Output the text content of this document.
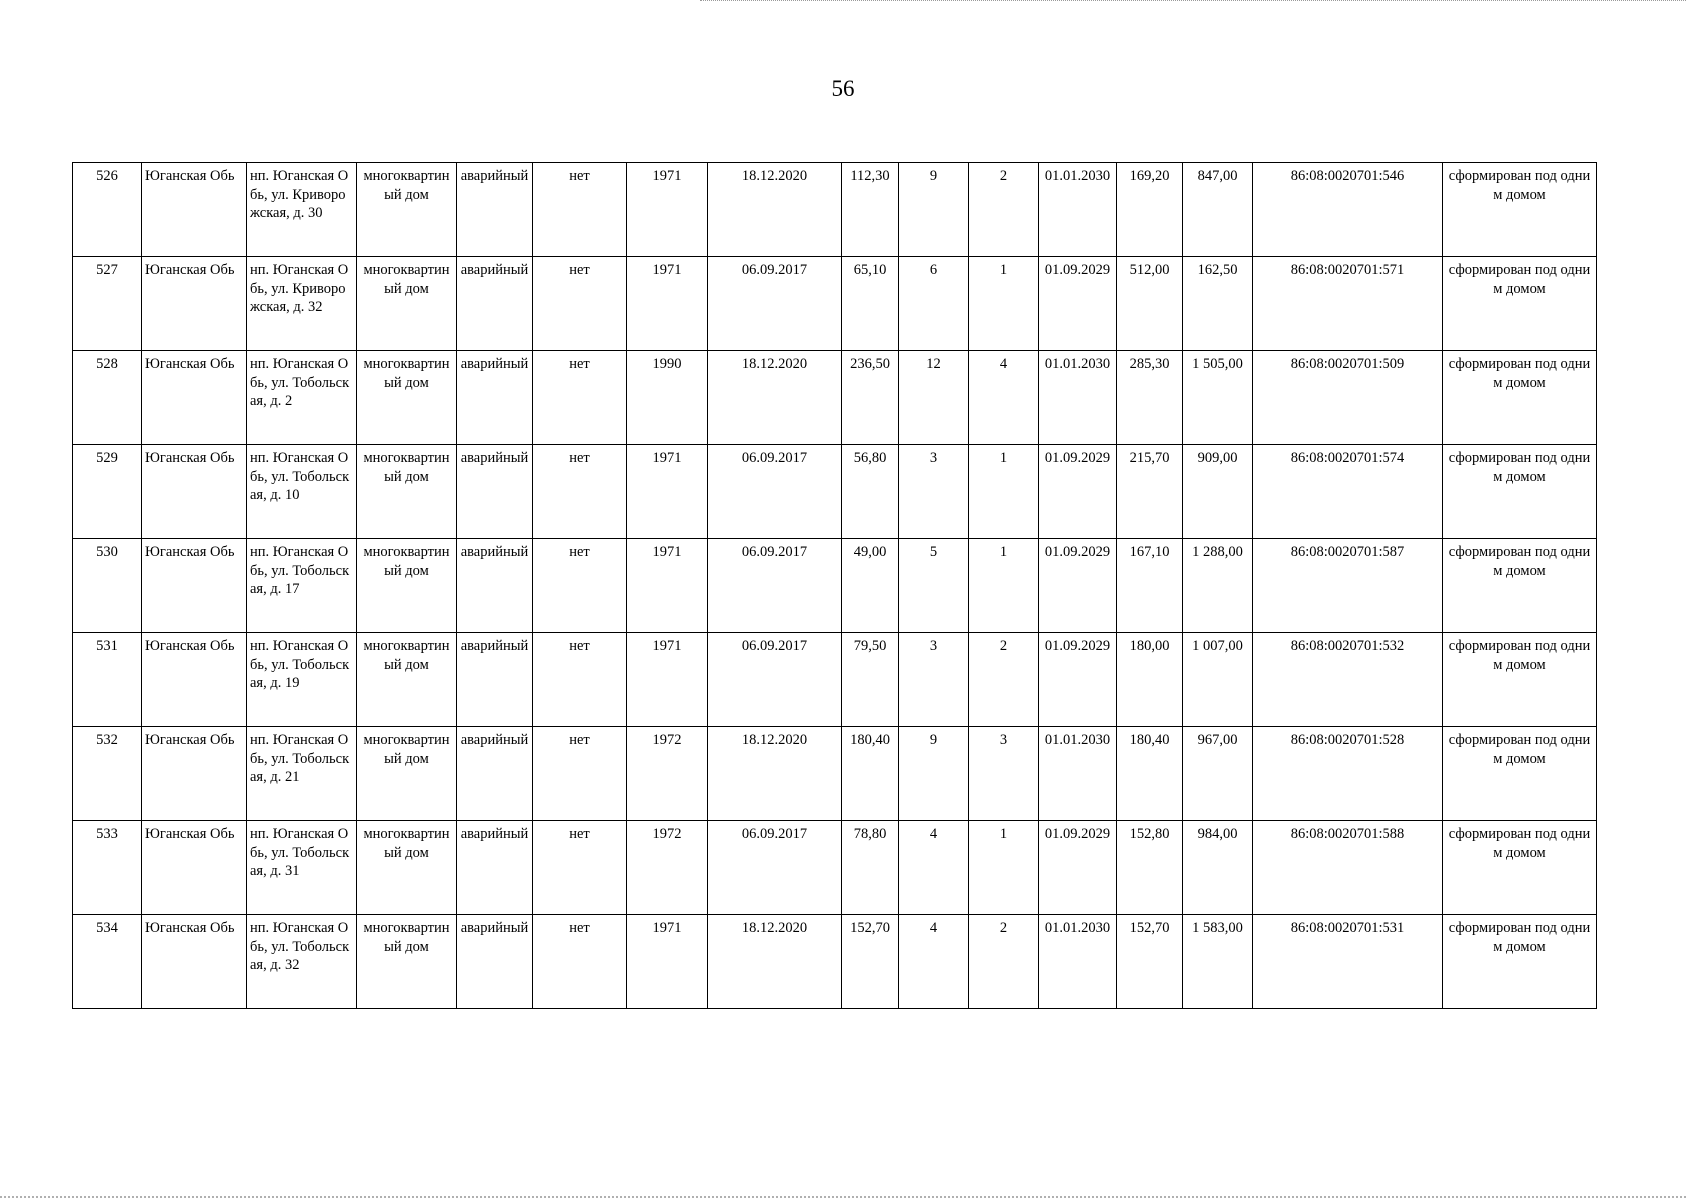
56
526	Юганская Обь	нп. Юганская Обь, ул. Криворожская, д. 30	многоквартиный дом	аварийный	нет	1971	18.12.2020	112,30	9	2	01.01.2030	169,20	847,00	86:08:0020701:546	сформирован под одним домом
527	Юганская Обь	нп. Юганская Обь, ул. Криворожская, д. 32	многоквартиный дом	аварийный	нет	1971	06.09.2017	65,10	6	1	01.09.2029	512,00	162,50	86:08:0020701:571	сформирован под одним домом
528	Юганская Обь	нп. Юганская Обь, ул. Тобольская, д. 2	многоквартиный дом	аварийный	нет	1990	18.12.2020	236,50	12	4	01.01.2030	285,30	1 505,00	86:08:0020701:509	сформирован под одним домом
529	Юганская Обь	нп. Юганская Обь, ул. Тобольская, д. 10	многоквартиный дом	аварийный	нет	1971	06.09.2017	56,80	3	1	01.09.2029	215,70	909,00	86:08:0020701:574	сформирован под одним домом
530	Юганская Обь	нп. Юганская Обь, ул. Тобольская, д. 17	многоквартиный дом	аварийный	нет	1971	06.09.2017	49,00	5	1	01.09.2029	167,10	1 288,00	86:08:0020701:587	сформирован под одним домом
531	Юганская Обь	нп. Юганская Обь, ул. Тобольская, д. 19	многоквартиный дом	аварийный	нет	1971	06.09.2017	79,50	3	2	01.09.2029	180,00	1 007,00	86:08:0020701:532	сформирован под одним домом
532	Юганская Обь	нп. Юганская Обь, ул. Тобольская, д. 21	многоквартиный дом	аварийный	нет	1972	18.12.2020	180,40	9	3	01.01.2030	180,40	967,00	86:08:0020701:528	сформирован под одним домом
533	Юганская Обь	нп. Юганская Обь, ул. Тобольская, д. 31	многоквартиный дом	аварийный	нет	1972	06.09.2017	78,80	4	1	01.09.2029	152,80	984,00	86:08:0020701:588	сформирован под одним домом
534	Юганская Обь	нп. Юганская Обь, ул. Тобольская, д. 32	многоквартиный дом	аварийный	нет	1971	18.12.2020	152,70	4	2	01.01.2030	152,70	1 583,00	86:08:0020701:531	сформирован под одним домом
